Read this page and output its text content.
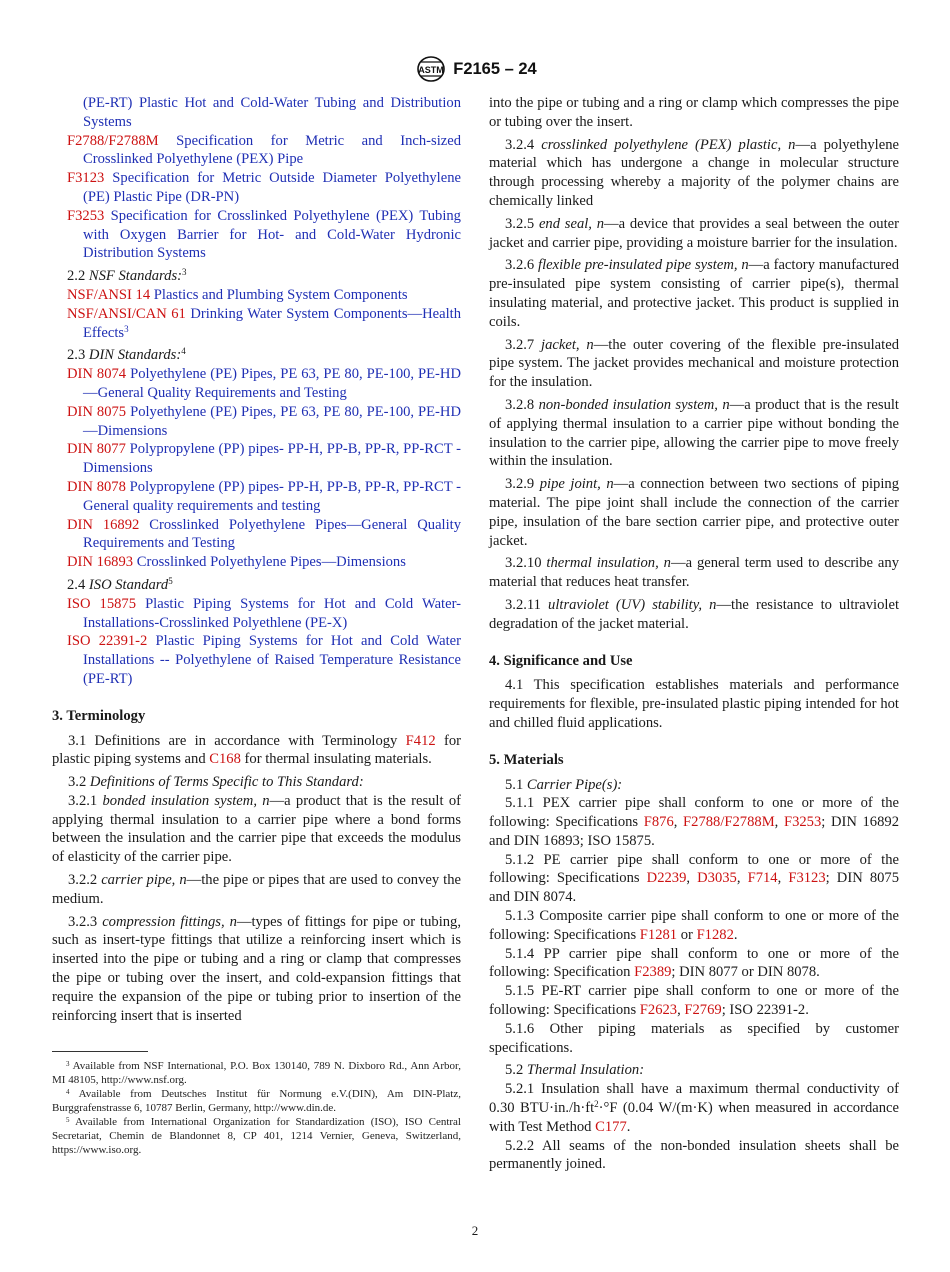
ASTM F2165 – 24

(PE-RT) Plastic Hot and Cold-Water Tubing and Distribution Systems

F2788/F2788M Specification for Metric and Inch-sized Crosslinked Polyethylene (PEX) Pipe

F3123 Specification for Metric Outside Diameter Polyethylene (PE) Plastic Pipe (DR-PN)

F3253 Specification for Crosslinked Polyethylene (PEX) Tubing with Oxygen Barrier for Hot- and Cold-Water Hydronic Distribution Systems

2.2 NSF Standards:$^3$

NSF/ANSI 14 Plastics and Plumbing System Components

NSF/ANSI/CAN 61 Drinking Water System Components—Health Effects$^3$

2.3 DIN Standards:$^4$

DIN 8074 Polyethylene (PE) Pipes, PE 63, PE 80, PE-100, PE-HD—General Quality Requirements and Testing

DIN 8075 Polyethylene (PE) Pipes, PE 63, PE 80, PE-100, PE-HD—Dimensions

DIN 8077 Polypropylene (PP) pipes- PP-H, PP-B, PP-R, PP-RCT -Dimensions

DIN 8078 Polypropylene (PP) pipes- PP-H, PP-B, PP-R, PP-RCT - General quality requirements and testing

DIN 16892 Crosslinked Polyethylene Pipes—General Quality Requirements and Testing

DIN 16893 Crosslinked Polyethylene Pipes—Dimensions

2.4 ISO Standard$^5$

ISO 15875 Plastic Piping Systems for Hot and Cold Water-Installations-Crosslinked Polyethlene (PE-X)

ISO 22391-2 Plastic Piping Systems for Hot and Cold Water Installations -- Polyethylene of Raised Temperature Resistance (PE-RT)

3. Terminology

3.1 Definitions are in accordance with Terminology F412 for plastic piping systems and C168 for thermal insulating materials.

3.2 Definitions of Terms Specific to This Standard:

3.2.1 bonded insulation system, n—a product that is the result of applying thermal insulation to a carrier pipe where a bond forms between the insulation and the carrier pipe that exceeds the modulus of elasticity of the carrier pipe.

3.2.2 carrier pipe, n—the pipe or pipes that are used to convey the medium.

3.2.3 compression fittings, n—types of fittings for pipe or tubing, such as insert-type fittings that utilize a reinforcing insert which is inserted into the pipe or tubing and a ring or clamp that compresses the pipe or tubing over the insert, and cold-expansion fittings that require the expansion of the pipe or tubing prior to insertion of the reinforcing insert that is inserted

$^3$ Available from NSF International, P.O. Box 130140, 789 N. Dixboro Rd., Ann Arbor, MI 48105, http://www.nsf.org.

$^4$ Available from Deutsches Institut für Normung e.V.(DIN), Am DIN-Platz, Burggrafenstrasse 6, 10787 Berlin, Germany, http://www.din.de.

$^5$ Available from International Organization for Standardization (ISO), ISO Central Secretariat, Chemin de Blandonnet 8, CP 401, 1214 Vernier, Geneva, Switzerland, https://www.iso.org.

into the pipe or tubing and a ring or clamp which compresses the pipe or tubing over the insert.

3.2.4 crosslinked polyethylene (PEX) plastic, n—a polyethylene material which has undergone a change in molecular structure through processing whereby a majority of the polymer chains are chemically linked

3.2.5 end seal, n—a device that provides a seal between the outer jacket and carrier pipe, providing a moisture barrier for the insulation.

3.2.6 flexible pre-insulated pipe system, n—a factory manufactured pre-insulated pipe system consisting of carrier pipe(s), thermal insulating material, and protective jacket. This product is supplied in coils.

3.2.7 jacket, n—the outer covering of the flexible pre-insulated pipe system. The jacket provides mechanical and moisture protection for the insulation.

3.2.8 non-bonded insulation system, n—a product that is the result of applying thermal insulation to a carrier pipe without bonding the insulation to the carrier pipe, allowing the carrier pipe to move freely within the insulation.

3.2.9 pipe joint, n—a connection between two sections of piping material. The pipe joint shall include the connection of the carrier pipe, insulation of the bare section carrier pipe, and protective outer jacket.

3.2.10 thermal insulation, n—a general term used to describe any material that reduces heat transfer.

3.2.11 ultraviolet (UV) stability, n—the resistance to ultraviolet degradation of the jacket material.

4. Significance and Use

4.1 This specification establishes materials and performance requirements for flexible, pre-insulated plastic piping intended for hot and chilled fluid applications.

5. Materials

5.1 Carrier Pipe(s):

5.1.1 PEX carrier pipe shall conform to one or more of the following: Specifications F876, F2788/F2788M, F3253; DIN 16892 and DIN 16893; ISO 15875.

5.1.2 PE carrier pipe shall conform to one or more of the following: Specifications D2239, D3035, F714, F3123; DIN 8075 and DIN 8074.

5.1.3 Composite carrier pipe shall conform to one or more of the following: Specifications F1281 or F1282.

5.1.4 PP carrier pipe shall conform to one or more of the following: Specification F2389; DIN 8077 or DIN 8078.

5.1.5 PE-RT carrier pipe shall conform to one or more of the following: Specifications F2623, F2769; ISO 22391-2.

5.1.6 Other piping materials as specified by customer specifications.

5.2 Thermal Insulation:

5.2.1 Insulation shall have a maximum thermal conductivity of 0.30 $BTU\cdot in./h\cdot ft^2\cdot^\circ F$ (0.04 W/(m·K) when measured in accordance with Test Method C177.

5.2.2 All seams of the non-bonded insulation sheets shall be permanently joined.

2
